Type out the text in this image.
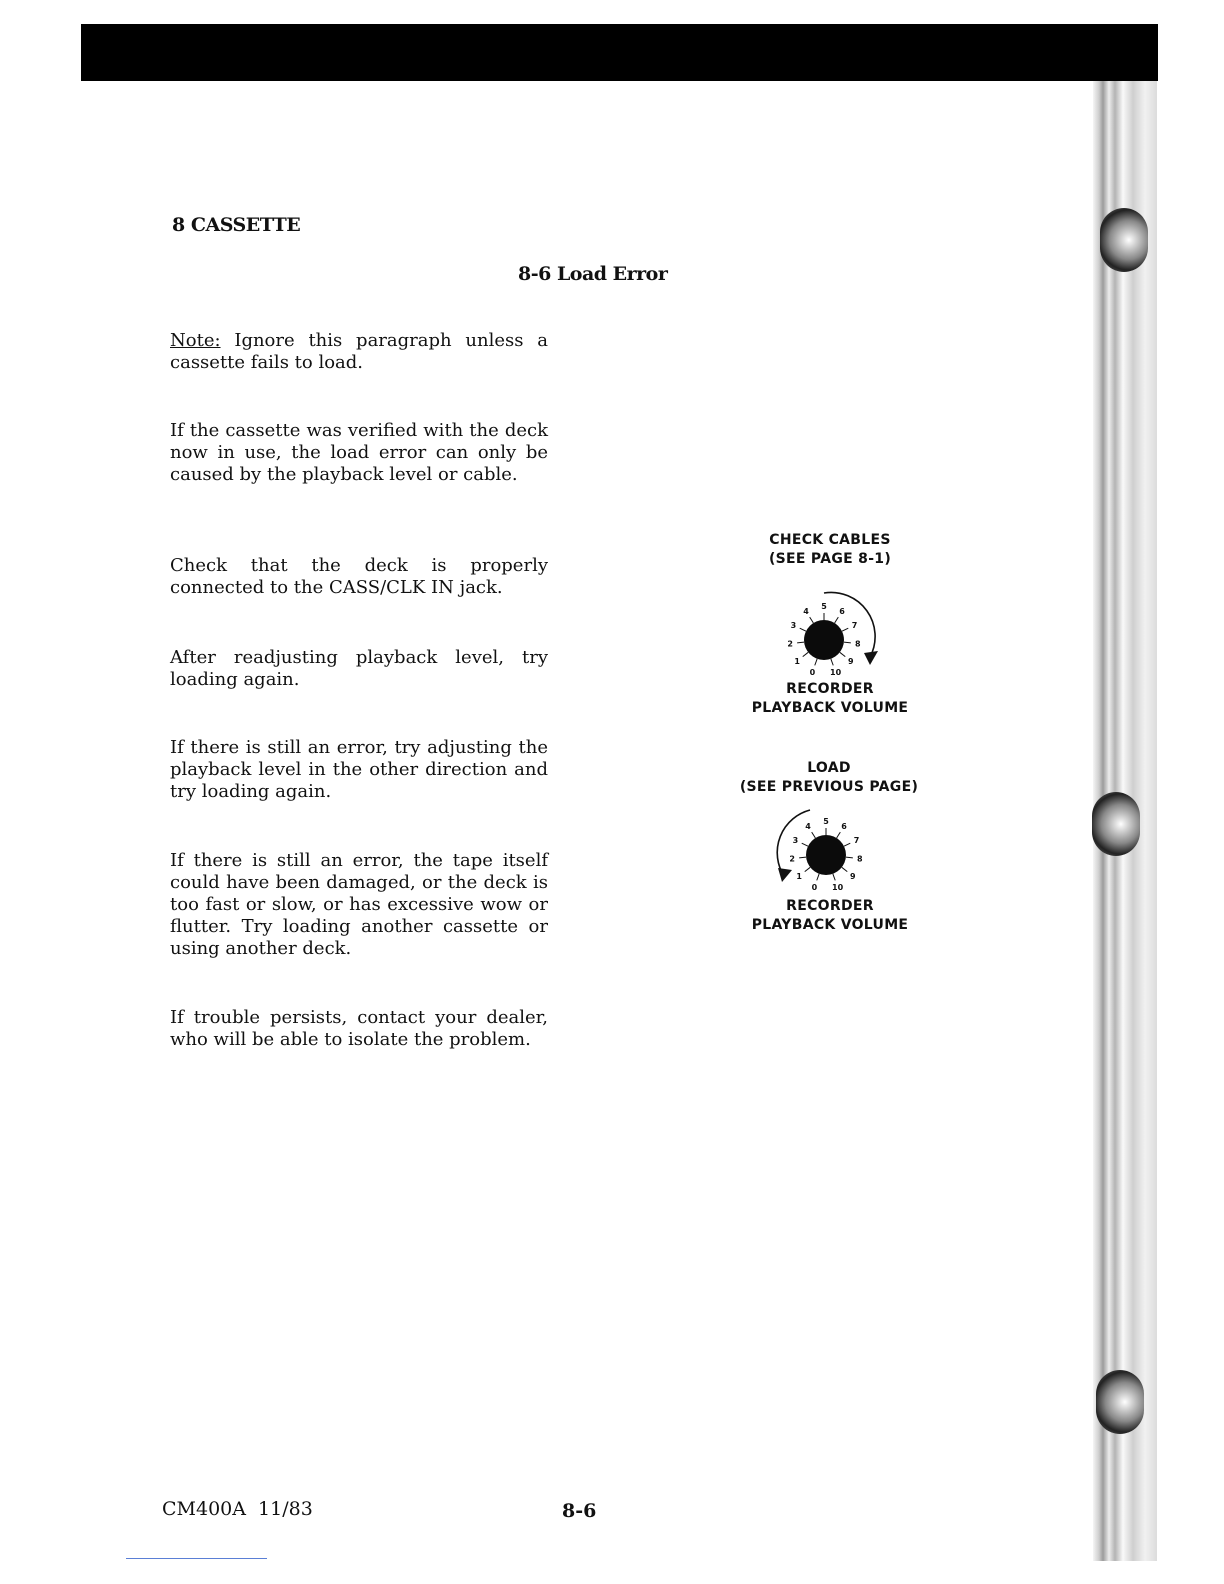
8 CASSETTE
8-6 Load Error

Note: Ignore this paragraph unless a cassette fails to load.

If the cassette was verified with the deck now in use, the load error can only be caused by the playback level or cable.

Check that the deck is properly connected to the CASS/CLK IN jack.

After readjusting playback level, try loading again.

If there is still an error, try adjusting the playback level in the other direction and try loading again.

If there is still an error, the tape itself could have been damaged, or the deck is too fast or slow, or has excessive wow or flutter. Try loading another cassette or using another deck.

If trouble persists, contact your dealer, who will be able to isolate the problem.

CHECK CABLES
(SEE PAGE 8-1)
0
1
2
3
4
5
6
7
8
9
10
RECORDER
PLAYBACK VOLUME
LOAD
(SEE PREVIOUS PAGE)
0
1
2
3
4
5
6
7
8
9
10
RECORDER
PLAYBACK VOLUME
CM400A  11/83	8-6
